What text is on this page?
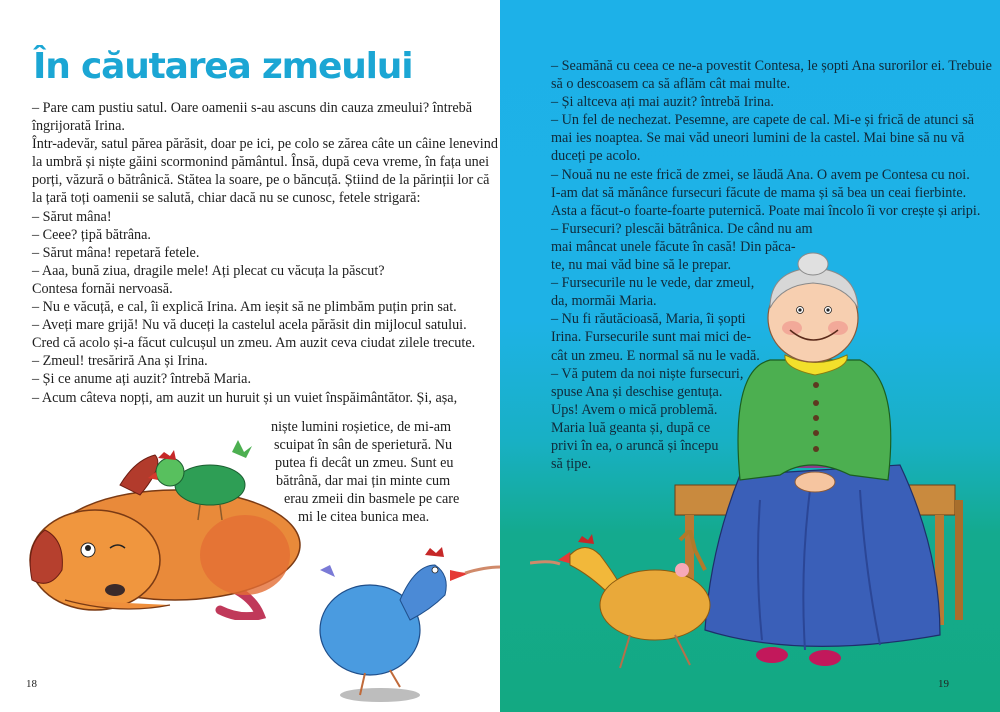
În căutarea zmeului
– Pare cam pustiu satul. Oare oamenii s-au ascuns din cauza zmeului? întrebă
îngrijorată Irina.
Într-adevăr, satul părea părăsit, doar pe ici, pe colo se zărea câte un câine lenevind
la umbră și niște găini scormonind pământul. Însă, după ceva vreme, în fața unei
porți, văzură o bătrânică. Stătea la soare, pe o băncuță. Știind de la părinții lor că
la țară toți oamenii se salută, chiar dacă nu se cunosc, fetele strigară:
– Sărut mâna!
– Ceee? țipă bătrâna.
– Sărut mâna! repetară fetele.
– Aaa, bună ziua, dragile mele! Ați plecat cu văcuța la păscut?
Contesa fornăi nervoasă.
– Nu e văcuță, e cal, îi explică Irina. Am ieșit să ne plimbăm puțin prin sat.
– Aveți mare grijă! Nu vă duceți la castelul acela părăsit din mijlocul satului.
Cred că acolo și-a făcut culcușul un zmeu. Am auzit ceva ciudat zilele trecute.
– Zmeul! tresăriră Ana și Irina.
– Și ce anume ați auzit? întrebă Maria.
– Acum câteva nopți, am auzit un huruit și un vuiet înspăimântător. Și, așa,
niște lumini roșietice, de mi-am
scuipat în sân de sperietură. Nu
putea fi decât un zmeu. Sunt eu
bătrână, dar mai țin minte cum
erau zmeii din basmele pe care
mi le citea bunica mea.
18
– Seamănă cu ceea ce ne-a povestit Contesa, le șopti Ana surorilor ei. Trebuie
să o descoasem ca să aflăm cât mai multe.
– Și altceva ați mai auzit? întrebă Irina.
– Un fel de nechezat. Pesemne, are capete de cal. Mi-e și frică de atunci să
mai ies noaptea. Se mai văd uneori lumini de la castel. Mai bine să nu vă
duceți pe acolo.
– Nouă nu ne este frică de zmei, se lăudă Ana. O avem pe Contesa cu noi.
I-am dat să mănânce fursecuri făcute de mama și să bea un ceai fierbinte.
Asta a făcut-o foarte-foarte puternică. Poate mai încolo îi vor crește și aripi.
– Fursecuri? plescăi bătrânica. De când nu am
mai mâncat unele făcute în casă! Din păca-
te, nu mai văd bine să le prepar.
– Fursecurile nu le vede, dar zmeul,
da, mormăi Maria.
– Nu fi răutăcioasă, Maria, îi șopti
Irina. Fursecurile sunt mai mici de-
cât un zmeu. E normal să nu le vadă.
– Vă putem da noi niște fursecuri,
spuse Ana și deschise gentuța.
Ups! Avem o mică problemă.
Maria luă geanta și, după ce
privi în ea, o aruncă și începu
să țipe.
19
